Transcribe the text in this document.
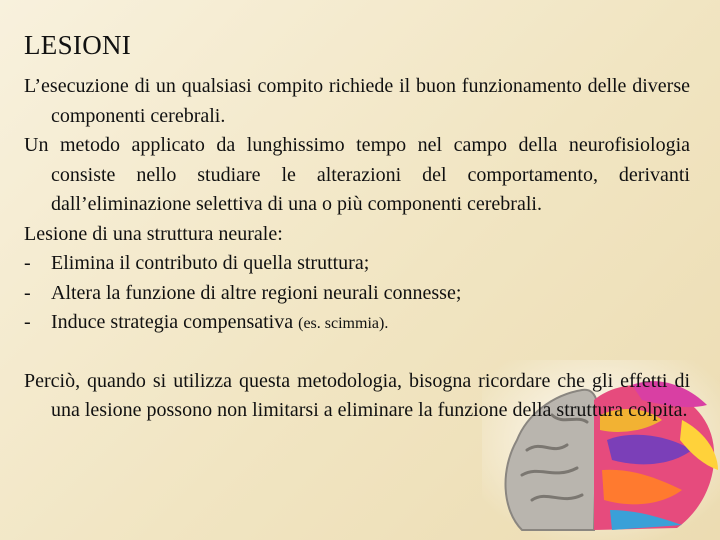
LESIONI

L’esecuzione di un qualsiasi compito richiede il buon funzionamento delle diverse componenti cerebrali.

Un metodo applicato da lunghissimo tempo nel campo della neurofisiologia consiste nello studiare le alterazioni del comportamento, derivanti dall’eliminazione selettiva di una o più componenti cerebrali.

Lesione di una struttura neurale:

- Elimina il contributo di quella struttura;
- Altera la funzione di altre regioni neurali connesse;
- Induce strategia compensativa (es. scimmia).

Perciò, quando si utilizza questa metodologia, bisogna ricordare che gli effetti di una lesione possono non limitarsi a eliminare la funzione della struttura colpita.
